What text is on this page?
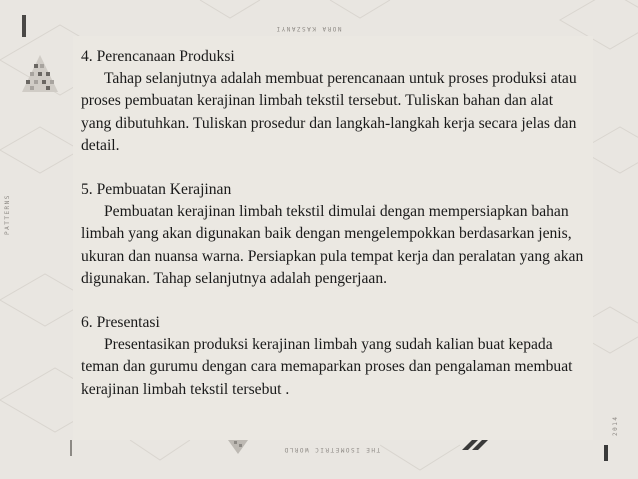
NORA KASZANYI
THE ISOMETRIC WORLD
PATTERNS
2014
4. Perencanaan Produksi
Tahap selanjutnya adalah membuat perencanaan untuk proses produksi atau proses pembuatan kerajinan limbah tekstil tersebut. Tuliskan bahan dan alat yang dibutuhkan. Tuliskan prosedur dan langkah-langkah kerja secara jelas dan detail.
5. Pembuatan Kerajinan
Pembuatan kerajinan limbah tekstil dimulai dengan mempersiapkan bahan limbah yang akan digunakan baik dengan mengelempokkan berdasarkan jenis, ukuran dan nuansa warna. Persiapkan pula tempat kerja dan peralatan yang akan digunakan. Tahap selanjutnya adalah pengerjaan.
6. Presentasi
Presentasikan produksi kerajinan limbah yang sudah kalian buat kepada teman dan gurumu dengan cara memaparkan proses dan pengalaman membuat kerajinan limbah tekstil tersebut .
